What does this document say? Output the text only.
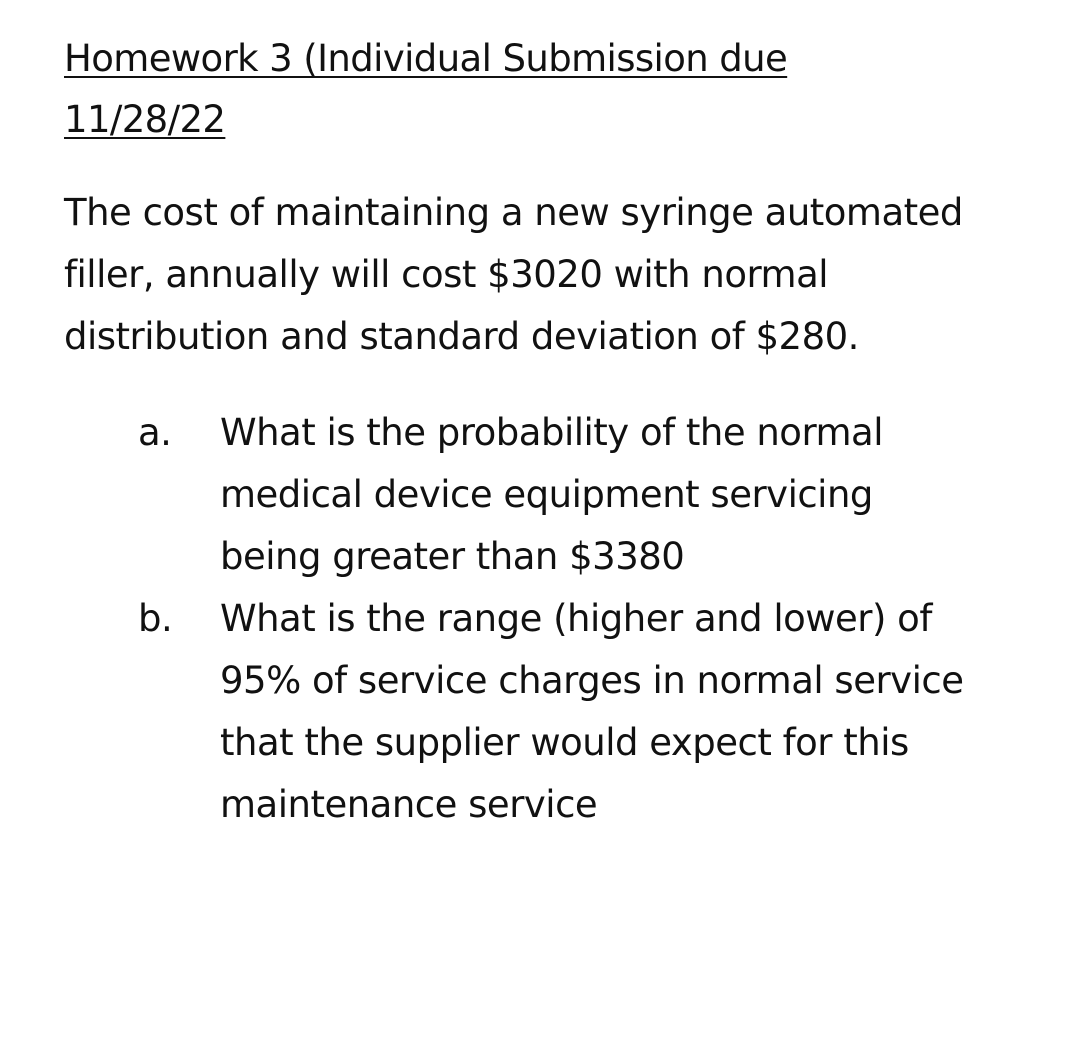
Homework 3 (Individual Submission due
11/28/22

The cost of maintaining a new syringe automated
filler, annually will cost $3020 with normal
distribution and standard deviation of $280.

a.	What is the probability of the normal
medical device equipment servicing
being greater than $3380
b.	What is the range (higher and lower) of
95% of service charges in normal service
that the supplier would expect for this
maintenance service
